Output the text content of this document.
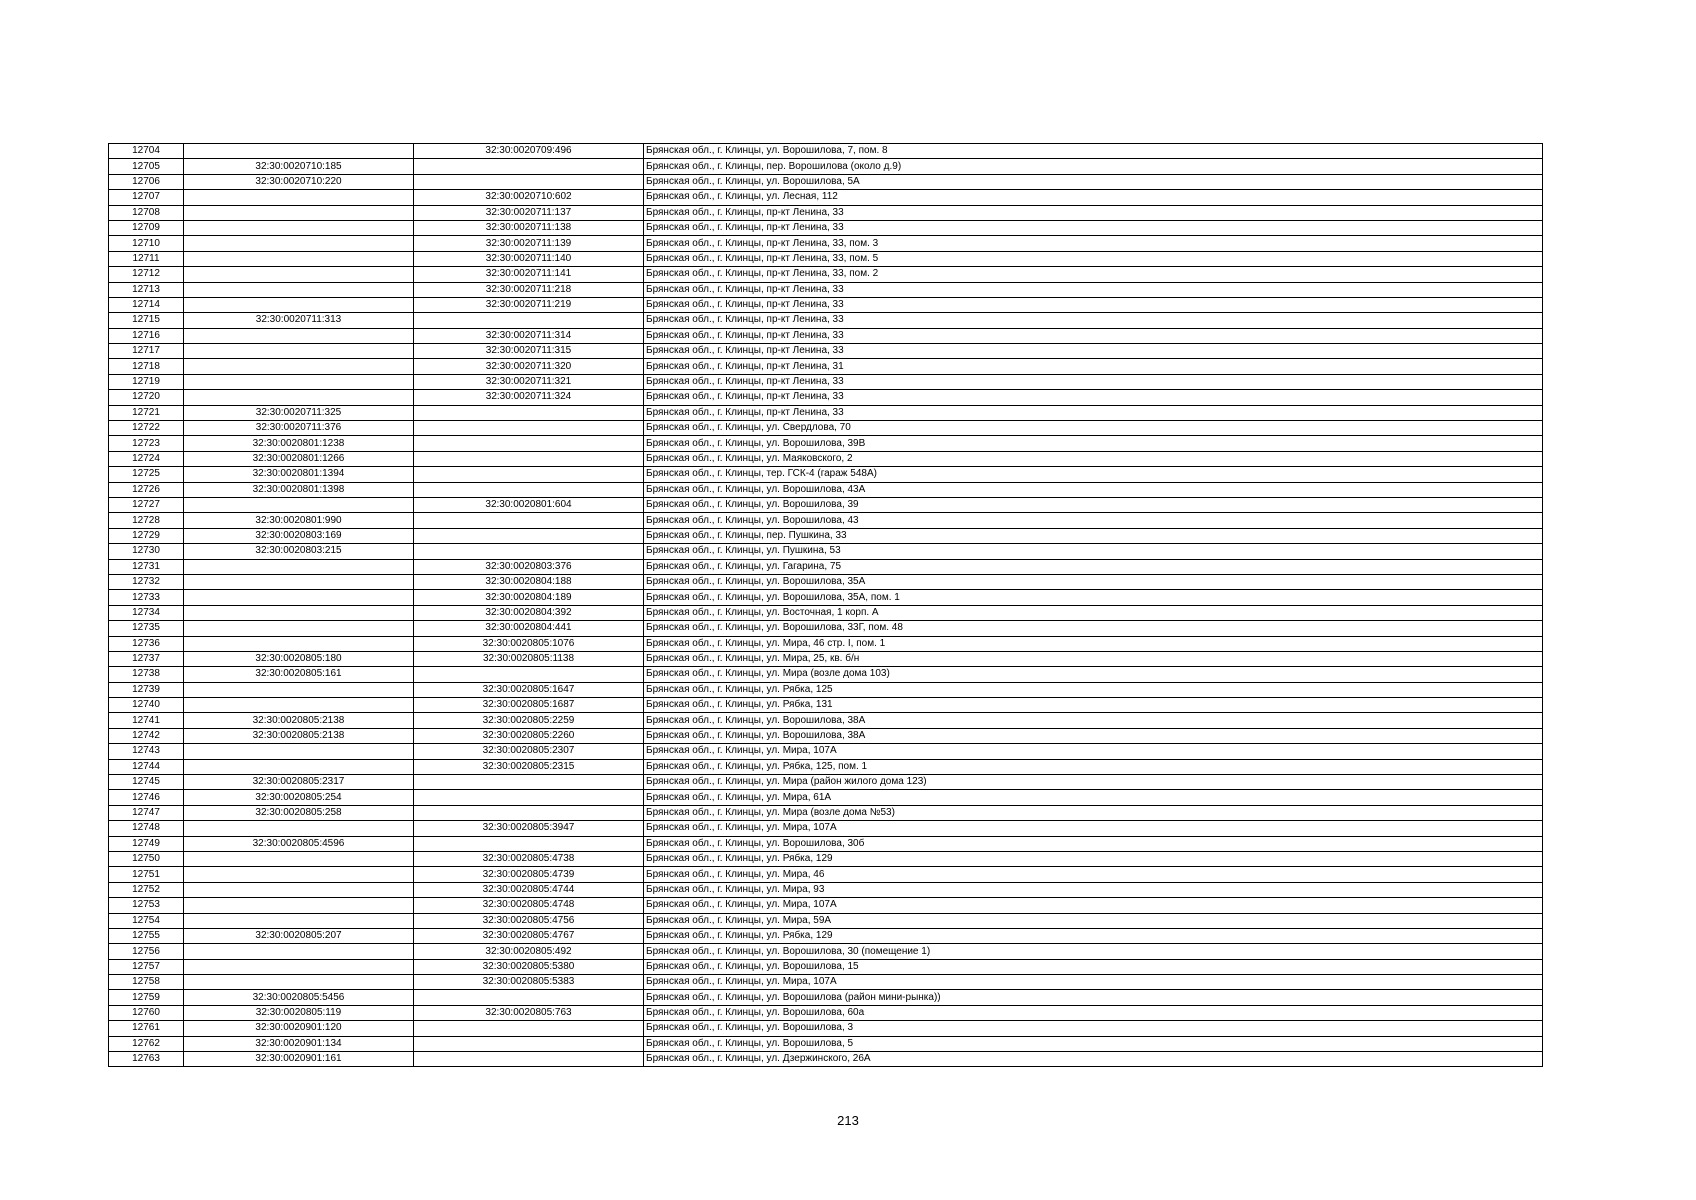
12704		32:30:0020709:496	Брянская обл., г. Клинцы, ул. Ворошилова, 7, пом. 8
12705	32:30:0020710:185		Брянская обл., г. Клинцы, пер. Ворошилова (около д.9)
12706	32:30:0020710:220		Брянская обл., г. Клинцы, ул. Ворошилова, 5А
12707		32:30:0020710:602	Брянская обл., г. Клинцы, ул. Лесная, 112
12708		32:30:0020711:137	Брянская обл., г. Клинцы, пр-кт Ленина, 33
12709		32:30:0020711:138	Брянская обл., г. Клинцы, пр-кт Ленина, 33
12710		32:30:0020711:139	Брянская обл., г. Клинцы, пр-кт Ленина, 33, пом. 3
12711		32:30:0020711:140	Брянская обл., г. Клинцы, пр-кт Ленина, 33, пом. 5
12712		32:30:0020711:141	Брянская обл., г. Клинцы, пр-кт Ленина, 33, пом. 2
12713		32:30:0020711:218	Брянская обл., г. Клинцы, пр-кт Ленина, 33
12714		32:30:0020711:219	Брянская обл., г. Клинцы, пр-кт Ленина, 33
12715	32:30:0020711:313		Брянская обл., г. Клинцы, пр-кт Ленина, 33
12716		32:30:0020711:314	Брянская обл., г. Клинцы, пр-кт Ленина, 33
12717		32:30:0020711:315	Брянская обл., г. Клинцы, пр-кт Ленина, 33
12718		32:30:0020711:320	Брянская обл., г. Клинцы, пр-кт Ленина, 31
12719		32:30:0020711:321	Брянская обл., г. Клинцы, пр-кт Ленина, 33
12720		32:30:0020711:324	Брянская обл., г. Клинцы, пр-кт Ленина, 33
12721	32:30:0020711:325		Брянская обл., г. Клинцы, пр-кт Ленина, 33
12722	32:30:0020711:376		Брянская обл., г. Клинцы, ул. Свердлова, 70
12723	32:30:0020801:1238		Брянская обл., г. Клинцы, ул. Ворошилова, 39В
12724	32:30:0020801:1266		Брянская обл., г. Клинцы, ул. Маяковского, 2
12725	32:30:0020801:1394		Брянская обл., г. Клинцы, тер. ГСК-4 (гараж 548А)
12726	32:30:0020801:1398		Брянская обл., г. Клинцы, ул. Ворошилова, 43А
12727		32:30:0020801:604	Брянская обл., г. Клинцы, ул. Ворошилова, 39
12728	32:30:0020801:990		Брянская обл., г. Клинцы, ул. Ворошилова, 43
12729	32:30:0020803:169		Брянская обл., г. Клинцы, пер. Пушкина, 33
12730	32:30:0020803:215		Брянская обл., г. Клинцы, ул. Пушкина, 53
12731		32:30:0020803:376	Брянская обл., г. Клинцы, ул. Гагарина, 75
12732		32:30:0020804:188	Брянская обл., г. Клинцы, ул. Ворошилова, 35А
12733		32:30:0020804:189	Брянская обл., г. Клинцы, ул. Ворошилова, 35А, пом. 1
12734		32:30:0020804:392	Брянская обл., г. Клинцы, ул. Восточная, 1 корп. А
12735		32:30:0020804:441	Брянская обл., г. Клинцы, ул. Ворошилова, 33Г, пом. 48
12736		32:30:0020805:1076	Брянская обл., г. Клинцы, ул. Мира, 46 стр. I, пом. 1
12737	32:30:0020805:180	32:30:0020805:1138	Брянская обл., г. Клинцы, ул. Мира, 25, кв. б/н
12738	32:30:0020805:161		Брянская обл., г. Клинцы, ул. Мира (возле дома 103)
12739		32:30:0020805:1647	Брянская обл., г. Клинцы, ул. Рябка, 125
12740		32:30:0020805:1687	Брянская обл., г. Клинцы, ул. Рябка, 131
12741	32:30:0020805:2138	32:30:0020805:2259	Брянская обл., г. Клинцы, ул. Ворошилова, 38А
12742	32:30:0020805:2138	32:30:0020805:2260	Брянская обл., г. Клинцы, ул. Ворошилова, 38А
12743		32:30:0020805:2307	Брянская обл., г. Клинцы, ул. Мира, 107А
12744		32:30:0020805:2315	Брянская обл., г. Клинцы, ул. Рябка, 125, пом. 1
12745	32:30:0020805:2317		Брянская обл., г. Клинцы, ул. Мира (район жилого дома 123)
12746	32:30:0020805:254		Брянская обл., г. Клинцы, ул. Мира, 61А
12747	32:30:0020805:258		Брянская обл., г. Клинцы, ул. Мира (возле дома №53)
12748		32:30:0020805:3947	Брянская обл., г. Клинцы, ул. Мира, 107А
12749	32:30:0020805:4596		Брянская обл., г. Клинцы, ул. Ворошилова, 30б
12750		32:30:0020805:4738	Брянская обл., г. Клинцы, ул. Рябка, 129
12751		32:30:0020805:4739	Брянская обл., г. Клинцы, ул. Мира, 46
12752		32:30:0020805:4744	Брянская обл., г. Клинцы, ул. Мира, 93
12753		32:30:0020805:4748	Брянская обл., г. Клинцы, ул. Мира, 107А
12754		32:30:0020805:4756	Брянская обл., г. Клинцы, ул. Мира, 59А
12755	32:30:0020805:207	32:30:0020805:4767	Брянская обл., г. Клинцы, ул. Рябка, 129
12756		32:30:0020805:492	Брянская обл., г. Клинцы, ул. Ворошилова, 30 (помещение 1)
12757		32:30:0020805:5380	Брянская обл., г. Клинцы, ул. Ворошилова, 15
12758		32:30:0020805:5383	Брянская обл., г. Клинцы, ул. Мира, 107А
12759	32:30:0020805:5456		Брянская обл., г. Клинцы, ул. Ворошилова (район мини-рынка))
12760	32:30:0020805:119	32:30:0020805:763	Брянская обл., г. Клинцы, ул. Ворошилова, 60а
12761	32:30:0020901:120		Брянская обл., г. Клинцы, ул. Ворошилова, 3
12762	32:30:0020901:134		Брянская обл., г. Клинцы, ул. Ворошилова, 5
12763	32:30:0020901:161		Брянская обл., г. Клинцы, ул. Дзержинского, 26А
213
